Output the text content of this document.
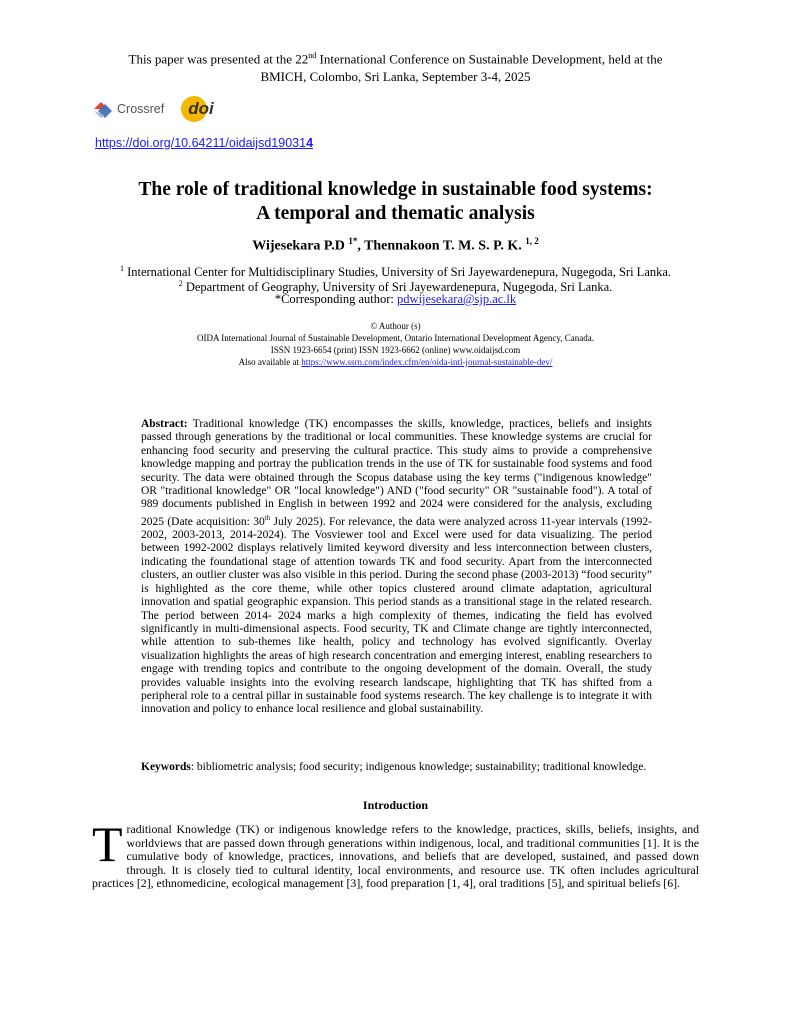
This paper was presented at the 22nd International Conference on Sustainable Development, held at the
BMICH, Colombo, Sri Lanka, September 3-4, 2025
Crossref doi
https://doi.org/10.64211/oidaijsd190314
The role of traditional knowledge in sustainable food systems:
A temporal and thematic analysis
Wijesekara P.D $^{1*}$, Thennakoon T. M. S. P. K. $^{1, 2}$
$^1$ International Center for Multidisciplinary Studies, University of Sri Jayewardenepura, Nugegoda, Sri Lanka.
$^2$ Department of Geography, University of Sri Jayewardenepura, Nugegoda, Sri Lanka.
*Corresponding author: pdwijesekara@sjp.ac.lk
© Authour (s)
OIDA International Journal of Sustainable Development, Ontario International Development Agency, Canada.
ISSN 1923-6654 (print) ISSN 1923-6662 (online) www.oidaijsd.com
Also available at https://www.ssrn.com/index.cfm/en/oida-intl-journal-sustainable-dev/
Abstract: Traditional knowledge (TK) encompasses the skills, knowledge, practices, beliefs and insights passed through generations by the traditional or local communities. These knowledge systems are crucial for enhancing food security and preserving the cultural practice. This study aims to provide a comprehensive knowledge mapping and portray the publication trends in the use of TK for sustainable food systems and food security. The data were obtained through the Scopus database using the key terms ("indigenous knowledge" OR "traditional knowledge" OR "local knowledge") AND ("food security" OR "sustainable food"). A total of 989 documents published in English in between 1992 and 2024 were considered for the analysis, excluding 2025 (Date acquisition: 30th July 2025). For relevance, the data were analyzed across 11-year intervals (1992-2002, 2003-2013, 2014-2024). The Vosviewer tool and Excel were used for data visualizing. The period between 1992-2002 displays relatively limited keyword diversity and less interconnection between clusters, indicating the foundational stage of attention towards TK and food security. Apart from the interconnected clusters, an outlier cluster was also visible in this period. During the second phase (2003-2013) “food security” is highlighted as the core theme, while other topics clustered around climate adaptation, agricultural innovation and spatial geographic expansion. This period stands as a transitional stage in the related research. The period between 2014- 2024 marks a high complexity of themes, indicating the field has evolved significantly in multi-dimensional aspects. Food security, TK and Climate change are tightly interconnected, while attention to sub-themes like health, policy and technology has evolved significantly. Overlay visualization highlights the areas of high research concentration and emerging interest, enabling researchers to engage with trending topics and contribute to the ongoing development of the domain. Overall, the study provides valuable insights into the evolving research landscape, highlighting that TK has shifted from a peripheral role to a central pillar in sustainable food systems research. The key challenge is to integrate it with innovation and policy to enhance local resilience and global sustainability.
Keywords: bibliometric analysis; food security; indigenous knowledge; sustainability; traditional knowledge.
Introduction
Traditional Knowledge (TK) or indigenous knowledge refers to the knowledge, practices, skills, beliefs, insights, and worldviews that are passed down through generations within indigenous, local, and traditional communities [1]. It is the cumulative body of knowledge, practices, innovations, and beliefs that are developed, sustained, and passed down through. It is closely tied to cultural identity, local environments, and resource use. TK often includes agricultural practices [2], ethnomedicine, ecological management [3], food preparation [1, 4], oral traditions [5], and spiritual beliefs [6].
